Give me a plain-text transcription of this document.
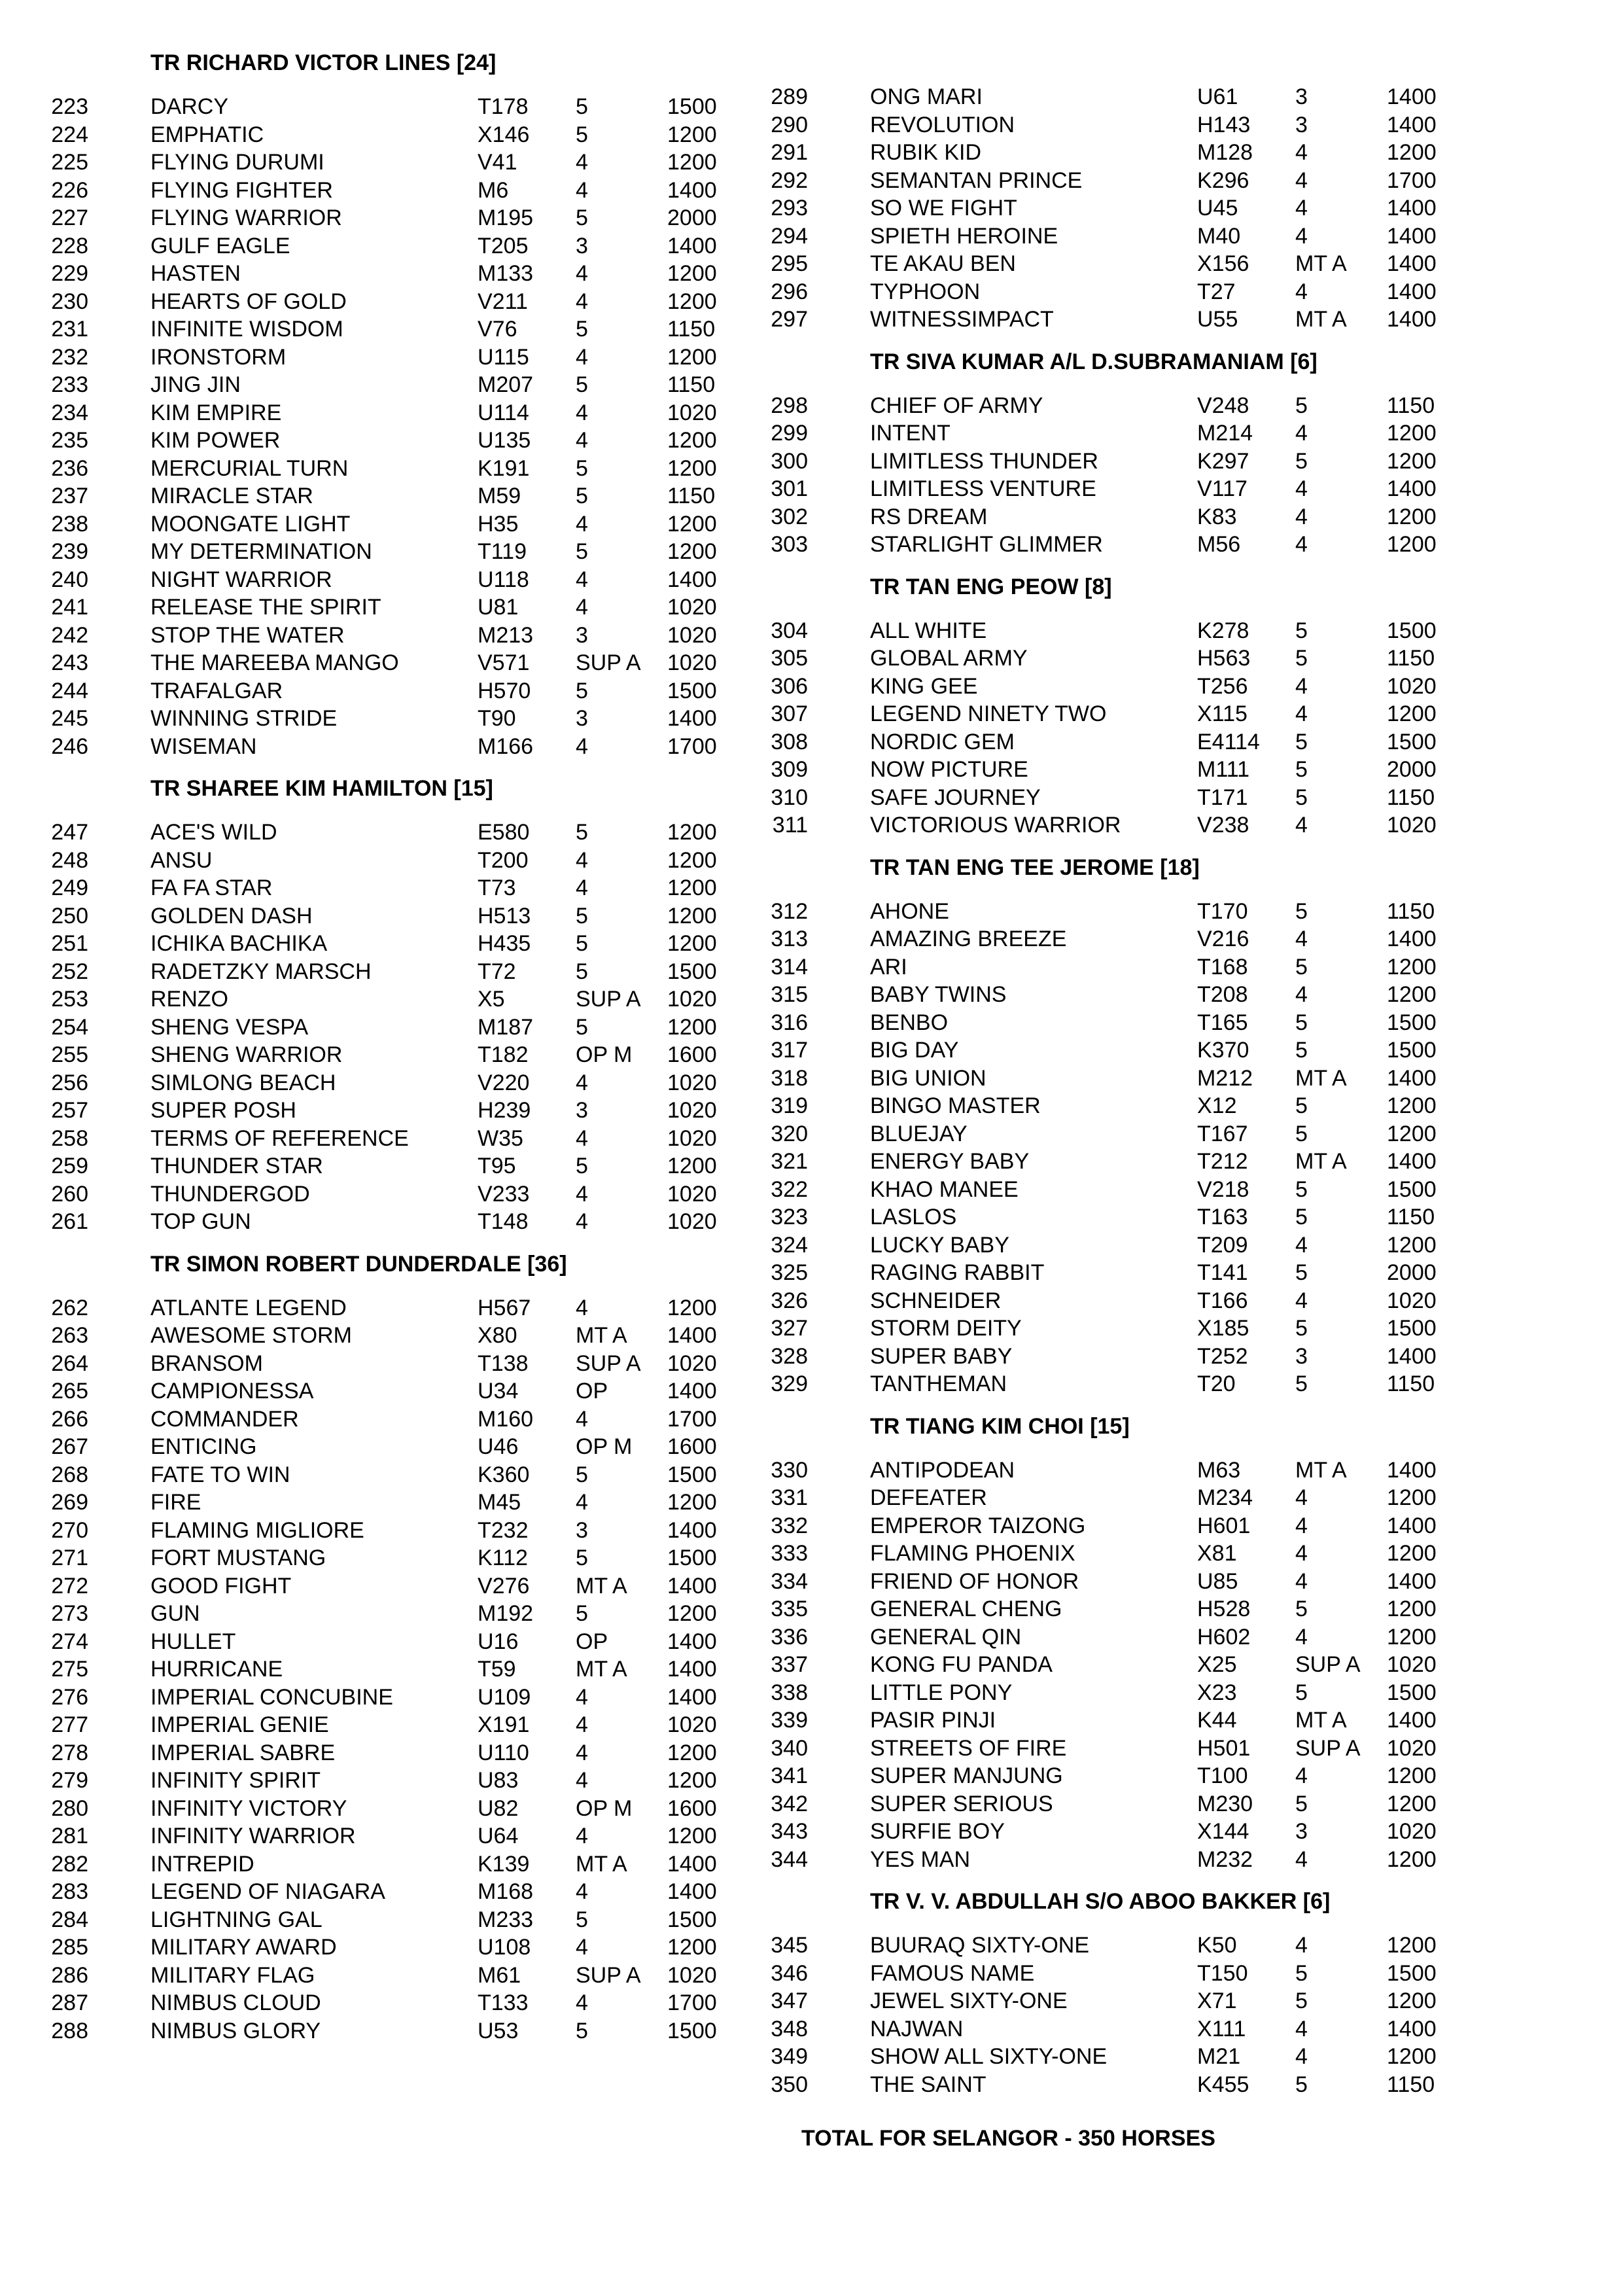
TR RICHARD VICTOR LINES [24]
223	DARCY	T178 5	1500
224	EMPHATIC	X146 5	1200
225	FLYING DURUMI	V41	4	1200
226	FLYING FIGHTER	M6	4	1400
227	FLYING WARRIOR	M195 5	2000
228	GULF EAGLE	T205 3	1400
229	HASTEN	M133 4	1200
230	HEARTS OF GOLD	V211 4	1200
231	INFINITE WISDOM	V76	5	1150
232	IRONSTORM	U115 4	1200
233	JING JIN	M207 5	1150
234	KIM EMPIRE	U114 4	1020
235	KIM POWER	U135 4	1200
236	MERCURIAL TURN	K191 5	1200
237	MIRACLE STAR	M59 5	1150
238	MOONGATE LIGHT	H35	4	1200
239	MY DETERMINATION	T119 5	1200
240	NIGHT WARRIOR	U118 4	1400
241	RELEASE THE SPIRIT	U81	4	1020
242	STOP THE WATER	M213 3	1020
243	THE MAREEBA MANGO	V571 SUP A 1020
244	TRAFALGAR	H570 5	1500
245	WINNING STRIDE	T90	3	1400
246	WISEMAN	M166 4	1700
TR SHAREE KIM HAMILTON [15]
247	ACE'S WILD	E580 5	1200
248	ANSU	T200 4	1200
249	FA FA STAR	T73	4	1200
250	GOLDEN DASH	H513 5	1200
251	ICHIKA BACHIKA	H435 5	1200
252	RADETZKY MARSCH	T72	5	1500
253	RENZO	X5	SUP A 1020
254	SHENG VESPA	M187 5	1200
255	SHENG WARRIOR	T182 OP M 1600
256	SIMLONG BEACH	V220 4	1020
257	SUPER POSH	H239 3	1020
258	TERMS OF REFERENCE	W35 4	1020
259	THUNDER STAR	T95	5	1200
260	THUNDERGOD	V233 4	1020
261	TOP GUN	T148 4	1020
TR SIMON ROBERT DUNDERDALE [36]
262	ATLANTE LEGEND	H567 4	1200
263	AWESOME STORM	X80	MT A 1400
264	BRANSOM	T138 SUP A 1020
265	CAMPIONESSA	U34	OP	1400
266	COMMANDER	M160 4	1700
267	ENTICING	U46	OP M 1600
268	FATE TO WIN	K360 5	1500
269	FIRE	M45 4	1200
270	FLAMING MIGLIORE	T232 3	1400
271	FORT MUSTANG	K112 5	1500
272	GOOD FIGHT	V276 MT A 1400
273	GUN	M192 5	1200
274	HULLET	U16	OP	1400
275	HURRICANE	T59	MT A 1400
276	IMPERIAL CONCUBINE	U109 4	1400
277	IMPERIAL GENIE	X191 4	1020
278	IMPERIAL SABRE	U110 4	1200
279	INFINITY SPIRIT	U83	4	1200
280	INFINITY VICTORY	U82	OP M 1600
281	INFINITY WARRIOR	U64	4	1200
282	INTREPID	K139 MT A 1400
283	LEGEND OF NIAGARA	M168 4	1400
284	LIGHTNING GAL	M233 5	1500
285	MILITARY AWARD	U108 4	1200
286	MILITARY FLAG	M61 SUP A 1020
287	NIMBUS CLOUD	T133 4	1700
288	NIMBUS GLORY	U53	5	1500
289	ONG MARI	U61	3	1400
290	REVOLUTION	H143 3	1400
291	RUBIK KID	M128 4	1200
292	SEMANTAN PRINCE	K296 4	1700
293	SO WE FIGHT	U45	4	1400
294	SPIETH HEROINE	M40 4	1400
295	TE AKAU BEN	X156 MT A 1400
296	TYPHOON	T27	4	1400
297	WITNESSIMPACT	U55	MT A 1400
TR SIVA KUMAR A/L D.SUBRAMANIAM [6]
298	CHIEF OF ARMY	V248 5	1150
299	INTENT	M214 4	1200
300	LIMITLESS THUNDER	K297 5	1200
301	LIMITLESS VENTURE	V117 4	1400
302	RS DREAM	K83	4	1200
303	STARLIGHT GLIMMER	M56 4	1200
TR TAN ENG PEOW [8]
304	ALL WHITE	K278 5	1500
305	GLOBAL ARMY	H563 5	1150
306	KING GEE	T256 4	1020
307	LEGEND NINETY TWO	X115 4	1200
308	NORDIC GEM	E4114 5	1500
309	NOW PICTURE	M111 5	2000
310	SAFE JOURNEY	T171 5	1150
311	VICTORIOUS WARRIOR	V238 4	1020
TR TAN ENG TEE JEROME [18]
312	AHONE	T170 5	1150
313	AMAZING BREEZE	V216 4	1400
314	ARI	T168 5	1200
315	BABY TWINS	T208 4	1200
316	BENBO	T165 5	1500
317	BIG DAY	K370 5	1500
318	BIG UNION	M212 MT A 1400
319	BINGO MASTER	X12	5	1200
320	BLUEJAY	T167 5	1200
321	ENERGY BABY	T212 MT A 1400
322	KHAO MANEE	V218 5	1500
323	LASLOS	T163 5	1150
324	LUCKY BABY	T209 4	1200
325	RAGING RABBIT	T141 5	2000
326	SCHNEIDER	T166 4	1020
327	STORM DEITY	X185 5	1500
328	SUPER BABY	T252 3	1400
329	TANTHEMAN	T20	5	1150
TR TIANG KIM CHOI [15]
330	ANTIPODEAN	M63 MT A 1400
331	DEFEATER	M234 4	1200
332	EMPEROR TAIZONG	H601 4	1400
333	FLAMING PHOENIX	X81	4	1200
334	FRIEND OF HONOR	U85	4	1400
335	GENERAL CHENG	H528 5	1200
336	GENERAL QIN	H602 4	1200
337	KONG FU PANDA	X25	SUP A 1020
338	LITTLE PONY	X23	5	1500
339	PASIR PINJI	K44	MT A 1400
340	STREETS OF FIRE	H501 SUP A 1020
341	SUPER MANJUNG	T100 4	1200
342	SUPER SERIOUS	M230 5	1200
343	SURFIE BOY	X144 3	1020
344	YES MAN	M232 4	1200
TR V. V. ABDULLAH S/O ABOO BAKKER [6]
345	BUURAQ SIXTY-ONE	K50	4	1200
346	FAMOUS NAME	T150 5	1500
347	JEWEL SIXTY-ONE	X71	5	1200
348	NAJWAN	X111 4	1400
349	SHOW ALL SIXTY-ONE	M21 4	1200
350	THE SAINT	K455 5	1150
TOTAL FOR SELANGOR - 350 HORSES
